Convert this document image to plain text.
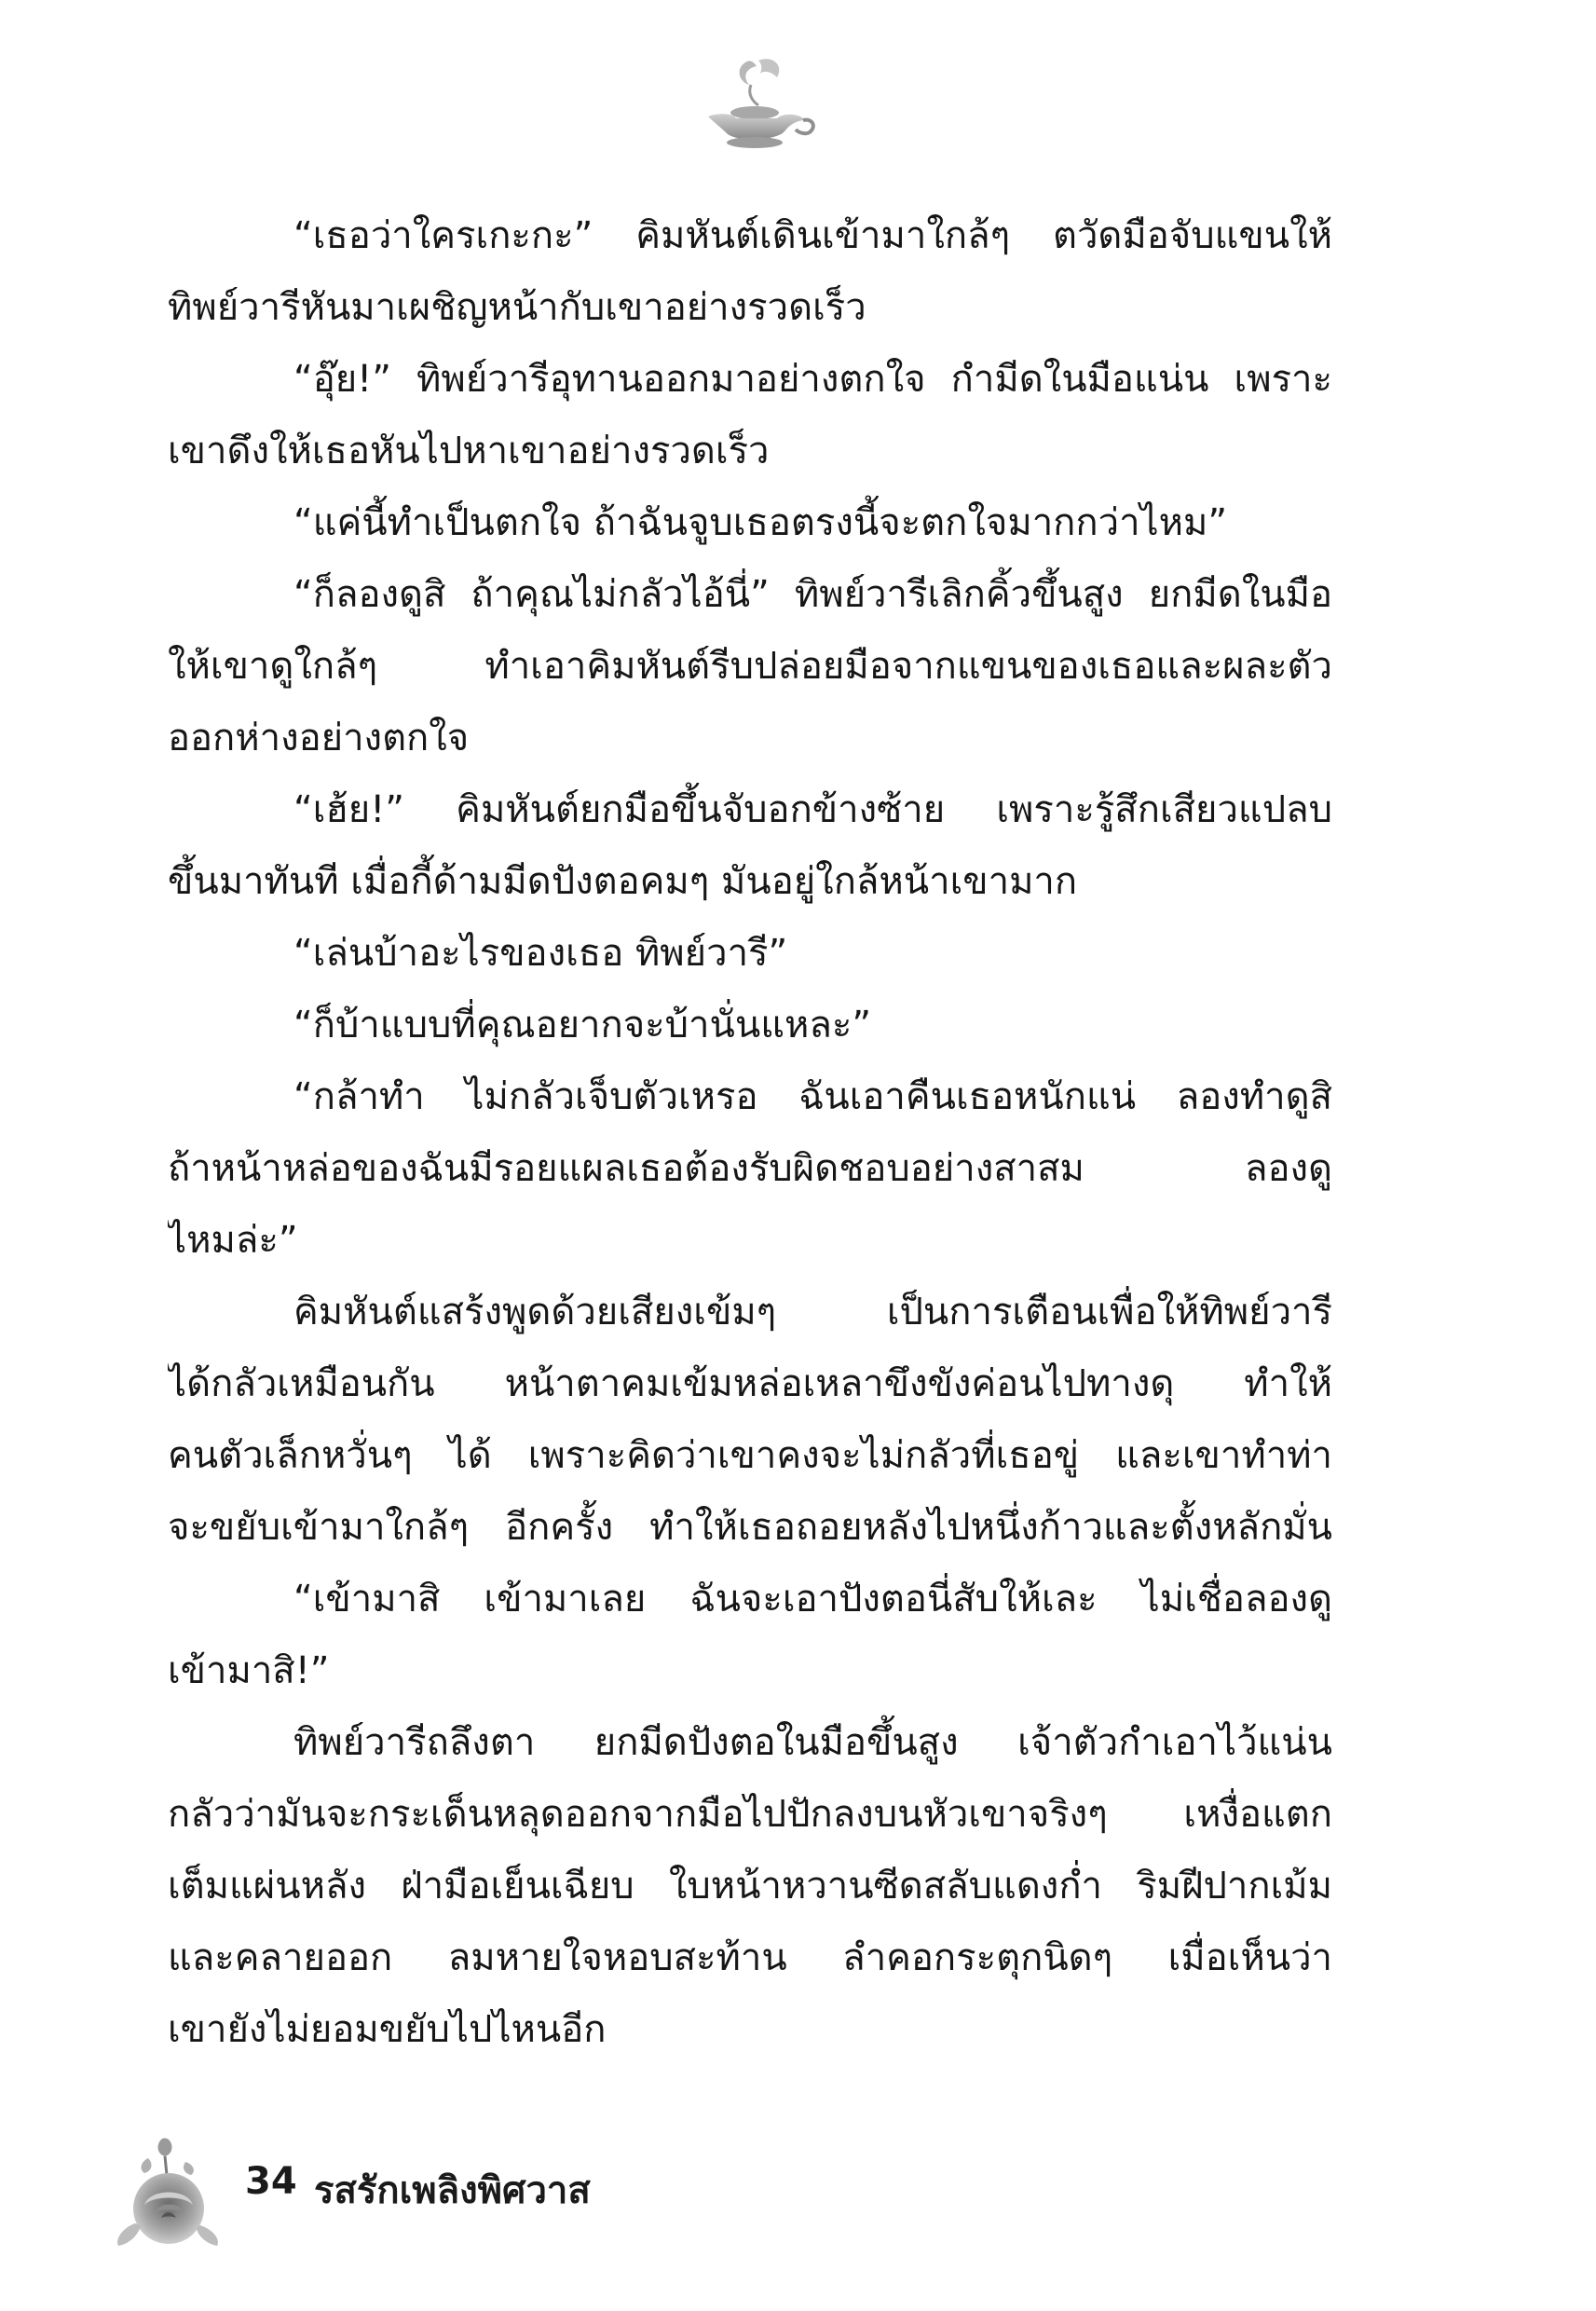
“เธอว่าใครเกะกะ” คิมหันต์เดินเข้ามาใกล้ๆ ตวัดมือจับแขนให้
ทิพย์วารีหันมาเผชิญหน้ากับเขาอย่างรวดเร็ว
“อุ๊ย!” ทิพย์วารีอุทานออกมาอย่างตกใจ กำมีดในมือแน่น เพราะ
เขาดึงให้เธอหันไปหาเขาอย่างรวดเร็ว
“แค่นี้ทำเป็นตกใจ ถ้าฉันจูบเธอตรงนี้จะตกใจมากกว่าไหม”
“ก็ลองดูสิ ถ้าคุณไม่กลัวไอ้นี่” ทิพย์วารีเลิกคิ้วขึ้นสูง ยกมีดในมือ
ให้เขาดูใกล้ๆ ทำเอาคิมหันต์รีบปล่อยมือจากแขนของเธอและผละตัว
ออกห่างอย่างตกใจ
“เฮ้ย!” คิมหันต์ยกมือขึ้นจับอกข้างซ้าย เพราะรู้สึกเสียวแปลบ
ขึ้นมาทันที เมื่อกี้ด้ามมีดปังตอคมๆ มันอยู่ใกล้หน้าเขามาก
“เล่นบ้าอะไรของเธอ ทิพย์วารี”
“ก็บ้าแบบที่คุณอยากจะบ้านั่นแหละ”
“กล้าทำ ไม่กลัวเจ็บตัวเหรอ ฉันเอาคืนเธอหนักแน่ ลองทำดูสิ
ถ้าหน้าหล่อของฉันมีรอยแผลเธอต้องรับผิดชอบอย่างสาสม ลองดู
ไหมล่ะ”
คิมหันต์แสร้งพูดด้วยเสียงเข้มๆ เป็นการเตือนเพื่อให้ทิพย์วารี
ได้กลัวเหมือนกัน หน้าตาคมเข้มหล่อเหลาขึงขังค่อนไปทางดุ ทำให้
คนตัวเล็กหวั่นๆ ได้ เพราะคิดว่าเขาคงจะไม่กลัวที่เธอขู่ และเขาทำท่า
จะขยับเข้ามาใกล้ๆ อีกครั้ง ทำให้เธอถอยหลังไปหนึ่งก้าวและตั้งหลักมั่น
“เข้ามาสิ เข้ามาเลย ฉันจะเอาปังตอนี่สับให้เละ ไม่เชื่อลองดู
เข้ามาสิ!”
ทิพย์วารีถลึงตา ยกมีดปังตอในมือขึ้นสูง เจ้าตัวกำเอาไว้แน่น
กลัวว่ามันจะกระเด็นหลุดออกจากมือไปปักลงบนหัวเขาจริงๆ เหงื่อแตก
เต็มแผ่นหลัง ฝ่ามือเย็นเฉียบ ใบหน้าหวานซีดสลับแดงก่ำ ริมฝีปากเม้ม
และคลายออก ลมหายใจหอบสะท้าน ลำคอกระตุกนิดๆ เมื่อเห็นว่า
เขายังไม่ยอมขยับไปไหนอีก
34 รสรักเพลิงพิศวาส
